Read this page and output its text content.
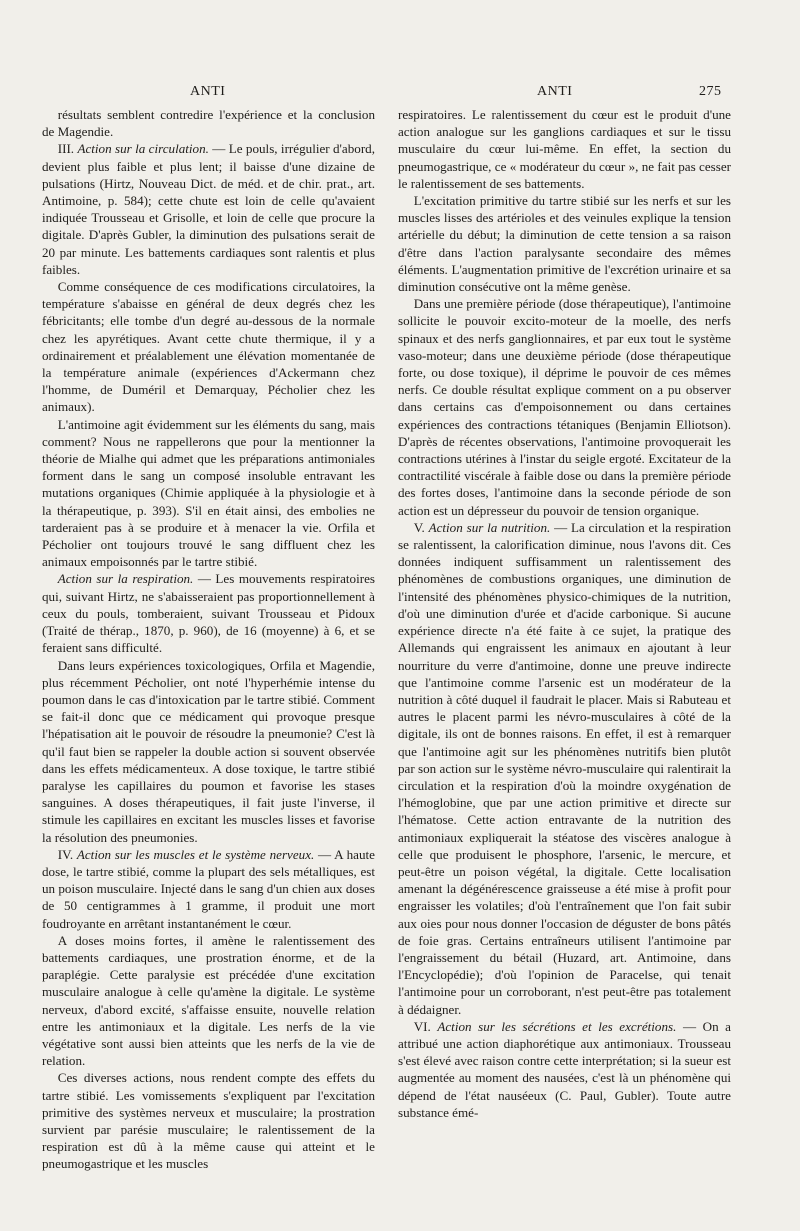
ANTI	ANTI	275

résultats semblent contredire l'expérience et la conclusion de Magendie.

III. Action sur la circulation. — Le pouls, irrégulier d'abord, devient plus faible et plus lent; il baisse d'une dizaine de pulsations (Hirtz, Nouveau Dict. de méd. et de chir. prat., art. Antimoine, p. 584); cette chute est loin de celle qu'avaient indiquée Trousseau et Grisolle, et loin de celle que procure la digitale. D'après Gubler, la diminution des pulsations serait de 20 par minute. Les battements cardiaques sont ralentis et plus faibles.

Comme conséquence de ces modifications circulatoires, la température s'abaisse en général de deux degrés chez les fébricitants; elle tombe d'un degré au-dessous de la normale chez les apyrétiques. Avant cette chute thermique, il y a ordinairement et préalablement une élévation momentanée de la température animale (expériences d'Ackermann chez l'homme, de Duméril et Demarquay, Pécholier chez les animaux).

L'antimoine agit évidemment sur les éléments du sang, mais comment? Nous ne rappellerons que pour la mentionner la théorie de Mialhe qui admet que les préparations antimoniales forment dans le sang un composé insoluble entravant les mutations organiques (Chimie appliquée à la physiologie et à la thérapeutique, p. 393). S'il en était ainsi, des embolies ne tarderaient pas à se produire et à menacer la vie. Orfila et Pécholier ont toujours trouvé le sang diffluent chez les animaux empoisonnés par le tartre stibié.

Action sur la respiration. — Les mouvements respiratoires qui, suivant Hirtz, ne s'abaisseraient pas proportionnellement à ceux du pouls, tomberaient, suivant Trousseau et Pidoux (Traité de thérap., 1870, p. 960), de 16 (moyenne) à 6, et se feraient sans difficulté.

Dans leurs expériences toxicologiques, Orfila et Magendie, plus récemment Pécholier, ont noté l'hyperhémie intense du poumon dans le cas d'intoxication par le tartre stibié. Comment se fait-il donc que ce médicament qui provoque presque l'hépatisation ait le pouvoir de résoudre la pneumonie? C'est là qu'il faut bien se rappeler la double action si souvent observée dans les effets médicamenteux. A dose toxique, le tartre stibié paralyse les capillaires du poumon et favorise les stases sanguines. A doses thérapeutiques, il fait juste l'inverse, il stimule les capillaires en excitant les muscles lisses et favorise la résolution des pneumonies.

IV. Action sur les muscles et le système nerveux. — A haute dose, le tartre stibié, comme la plupart des sels métalliques, est un poison musculaire. Injecté dans le sang d'un chien aux doses de 50 centigrammes à 1 gramme, il produit une mort foudroyante en arrêtant instantanément le cœur.

A doses moins fortes, il amène le ralentissement des battements cardiaques, une prostration énorme, et de la paraplégie. Cette paralysie est précédée d'une excitation musculaire analogue à celle qu'amène la digitale. Le système nerveux, d'abord excité, s'affaisse ensuite, nouvelle relation entre les antimoniaux et la digitale. Les nerfs de la vie végétative sont aussi bien atteints que les nerfs de la vie de relation.

Ces diverses actions, nous rendent compte des effets du tartre stibié. Les vomissements s'expliquent par l'excitation primitive des systèmes nerveux et musculaire; la prostration survient par parésie musculaire; le ralentissement de la respiration est dû à la même cause qui atteint et le pneumogastrique et les muscles

respiratoires. Le ralentissement du cœur est le produit d'une action analogue sur les ganglions cardiaques et sur le tissu musculaire du cœur lui-même. En effet, la section du pneumogastrique, ce « modérateur du cœur », ne fait pas cesser le ralentissement de ses battements.

L'excitation primitive du tartre stibié sur les nerfs et sur les muscles lisses des artérioles et des veinules explique la tension artérielle du début; la diminution de cette tension a sa raison d'être dans l'action paralysante secondaire des mêmes éléments. L'augmentation primitive de l'excrétion urinaire et sa diminution consécutive ont la même genèse.

Dans une première période (dose thérapeutique), l'antimoine sollicite le pouvoir excito-moteur de la moelle, des nerfs spinaux et des nerfs ganglionnaires, et par eux tout le système vaso-moteur; dans une deuxième période (dose thérapeutique forte, ou dose toxique), il déprime le pouvoir de ces mêmes nerfs. Ce double résultat explique comment on a pu observer dans certains cas d'empoisonnement ou dans certaines expériences des contractions tétaniques (Benjamin Elliotson). D'après de récentes observations, l'antimoine provoquerait les contractions utérines à l'instar du seigle ergoté. Excitateur de la contractilité viscérale à faible dose ou dans la première période des fortes doses, l'antimoine dans la seconde période de son action est un dépresseur du pouvoir de tension organique.

V. Action sur la nutrition. — La circulation et la respiration se ralentissent, la calorification diminue, nous l'avons dit. Ces données indiquent suffisamment un ralentissement des phénomènes de combustions organiques, une diminution de l'intensité des phénomènes physico-chimiques de la nutrition, d'où une diminution d'urée et d'acide carbonique. Si aucune expérience directe n'a été faite à ce sujet, la pratique des Allemands qui engraissent les animaux en ajoutant à leur nourriture du verre d'antimoine, donne une preuve indirecte que l'antimoine comme l'arsenic est un modérateur de la nutrition à côté duquel il faudrait le placer. Mais si Rabuteau et autres le placent parmi les névro-musculaires à côté de la digitale, ils ont de bonnes raisons. En effet, il est à remarquer que l'antimoine agit sur les phénomènes nutritifs bien plutôt par son action sur le système névro-musculaire qui ralentirait la circulation et la respiration d'où la moindre oxygénation de l'hémoglobine, que par une action primitive et directe sur l'hématose. Cette action entravante de la nutrition des antimoniaux expliquerait la stéatose des viscères analogue à celle que produisent le phosphore, l'arsenic, le mercure, et peut-être un poison végétal, la digitale. Cette localisation amenant la dégénérescence graisseuse a été mise à profit pour engraisser les volatiles; d'où l'entraînement que l'on fait subir aux oies pour nous donner l'occasion de déguster de bons pâtés de foie gras. Certains entraîneurs utilisent l'antimoine par l'engraissement du bétail (Huzard, art. Antimoine, dans l'Encyclopédie); d'où l'opinion de Paracelse, qui tenait l'antimoine pour un corroborant, n'est peut-être pas totalement à dédaigner.

VI. Action sur les sécrétions et les excrétions. — On a attribué une action diaphorétique aux antimoniaux. Trousseau s'est élevé avec raison contre cette interprétation; si la sueur est augmentée au moment des nausées, c'est là un phénomène qui dépend de l'état nauséeux (C. Paul, Gubler). Toute autre substance émé-
